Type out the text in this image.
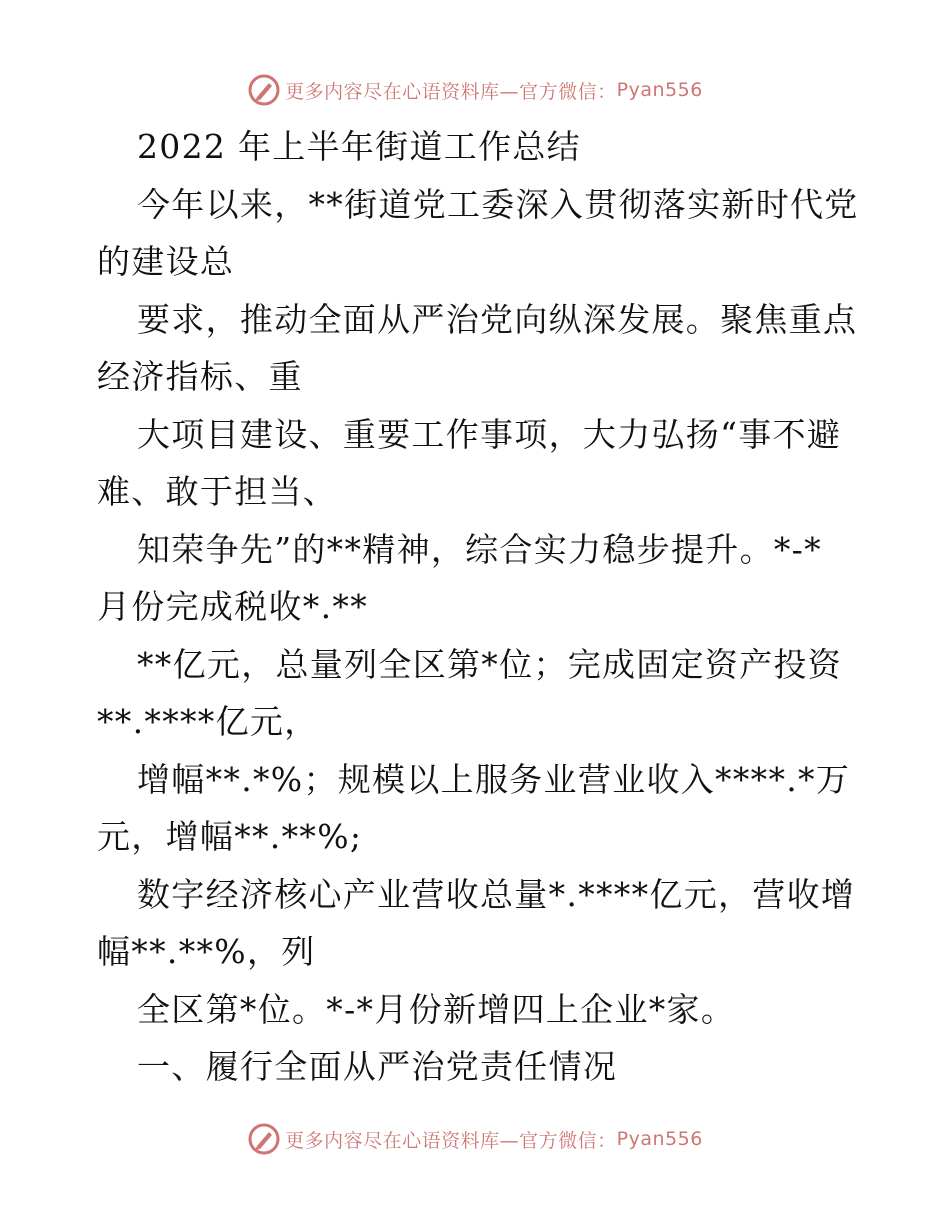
更多内容尽在心语资料库—官方微信： Pyan556
2022 年上半年街道工作总结
今年以来，**街道党工委深入贯彻落实新时代党
的建设总
要求，推动全面从严治党向纵深发展。聚焦重点
经济指标、重
大项目建设、重要工作事项，大力弘扬“事不避
难、敢于担当、
知荣争先”的**精神，综合实力稳步提升。*-*
月份完成税收*.**
**亿元，总量列全区第*位；完成固定资产投资
**.****亿元，
增幅**.*%；规模以上服务业营业收入****.*万
元，增幅**.**%;
数字经济核心产业营收总量*.****亿元，营收增
幅**.**%，列
全区第*位。*-*月份新增四上企业*家。
一、履行全面从严治党责任情况
更多内容尽在心语资料库—官方微信： Pyan556
